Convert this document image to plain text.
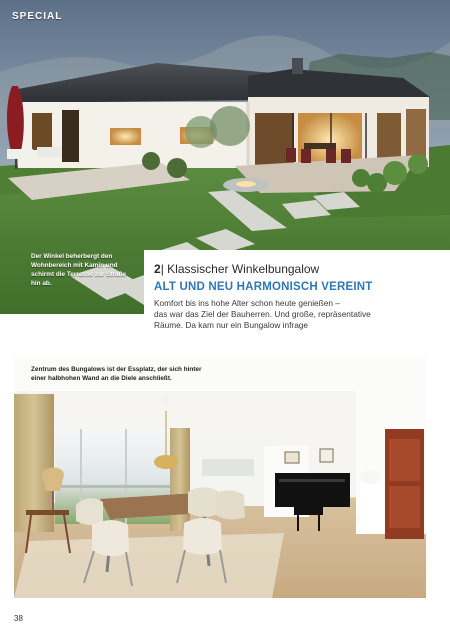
SPECIAL
Der Winkel beherbergt den Wohnbereich mit Kamin und schirmt die Terrasse zur Straße hin ab.
2| Klassischer Winkelbungalow
ALT UND NEU HARMONISCH VEREINT
Komfort bis ins hohe Alter schon heute genießen –
das war das Ziel der Bauherren. Und große, repräsentative
Räume. Da kam nur ein Bungalow infrage
Zentrum des Bungalows ist der Essplatz, der sich hinter einer halbhohen Wand an die Diele anschließt.
38
